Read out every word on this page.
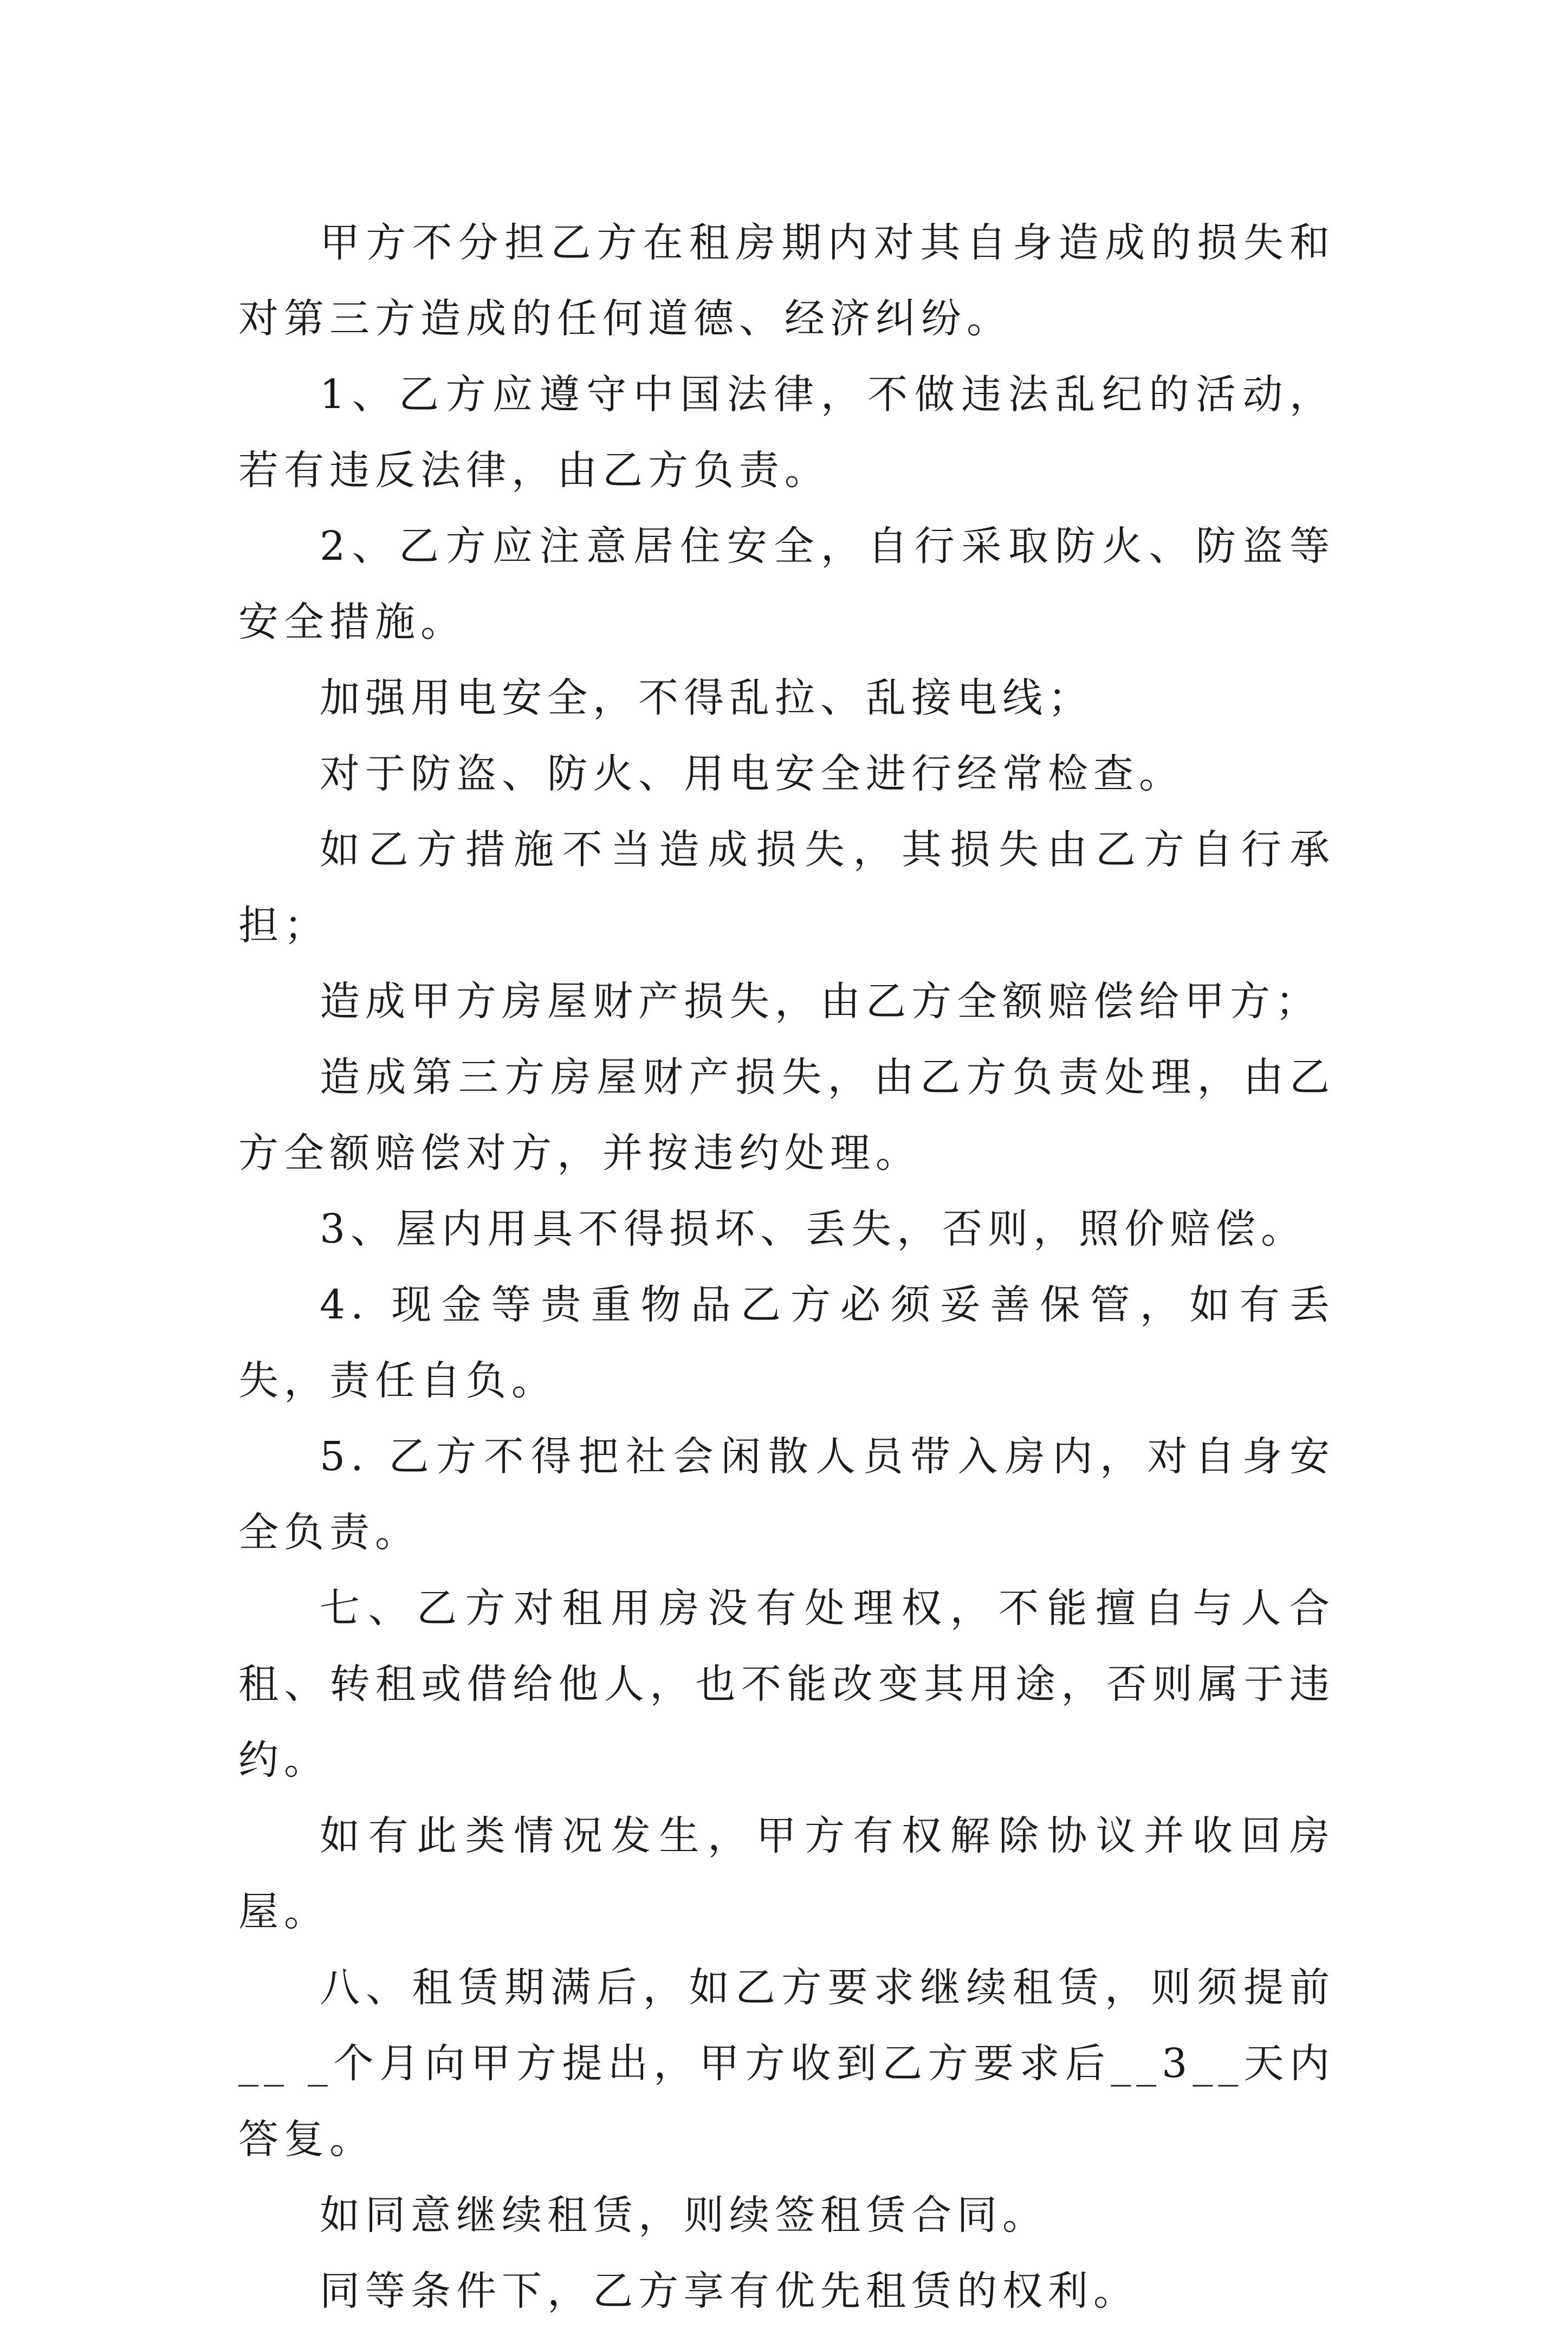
甲方不分担乙方在租房期内对其自身造成的损失和对第三方造成的任何道德、经济纠纷。

1、乙方应遵守中国法律，不做违法乱纪的活动，若有违反法律，由乙方负责。

2、乙方应注意居住安全，自行采取防火、防盗等安全措施。

加强用电安全，不得乱拉、乱接电线；

对于防盗、防火、用电安全进行经常检查。

如乙方措施不当造成损失，其损失由乙方自行承担；

造成甲方房屋财产损失，由乙方全额赔偿给甲方；

造成第三方房屋财产损失，由乙方负责处理，由乙方全额赔偿对方，并按违约处理。

3、屋内用具不得损坏、丢失，否则，照价赔偿。

4. 现金等贵重物品乙方必须妥善保管，如有丢失，责任自负。

5. 乙方不得把社会闲散人员带入房内，对自身安全负责。

七、乙方对租用房没有处理权，不能擅自与人合租、转租或借给他人，也不能改变其用途，否则属于违约。

如有此类情况发生，甲方有权解除协议并收回房屋。

八、租赁期满后，如乙方要求继续租赁，则须提前__ _个月向甲方提出，甲方收到乙方要求后__3__天内答复。

如同意继续租赁，则续签租赁合同。

同等条件下，乙方享有优先租赁的权利。
